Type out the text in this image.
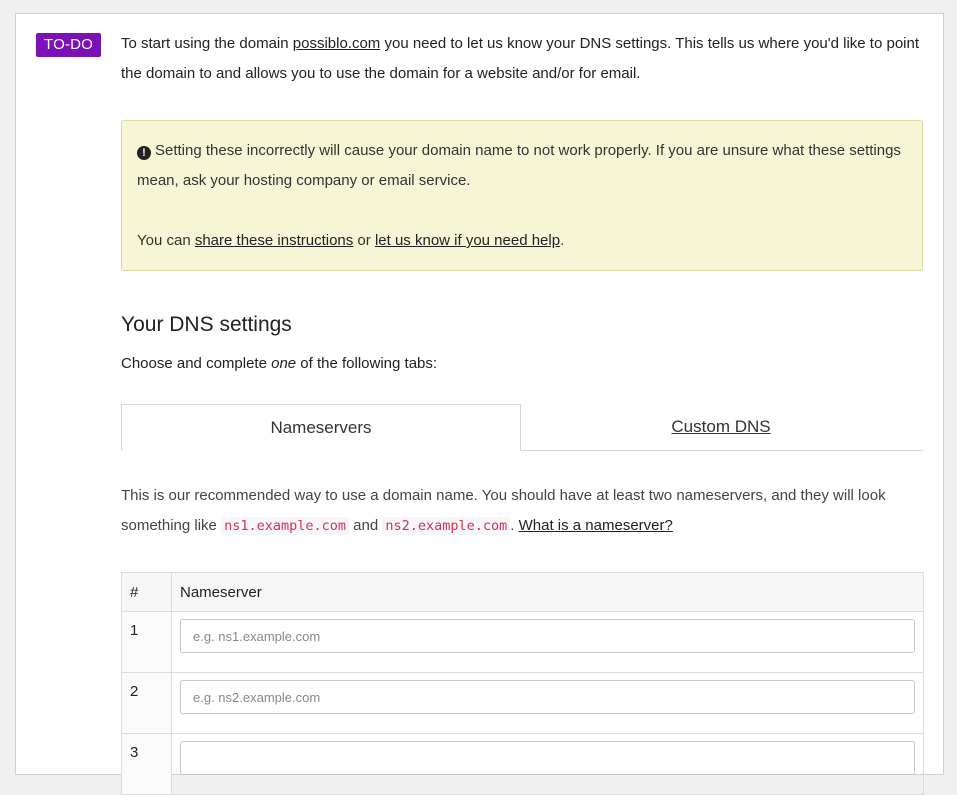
TO-DO	To start using the domain possiblo.com you need to let us know your DNS settings. This tells us where you'd like to point the domain to and allows you to use the domain for a website and/or for email.

! Setting these incorrectly will cause your domain name to not work properly. If you are unsure what these settings mean, ask your hosting company or email service.

You can share these instructions or let us know if you need help.

Your DNS settings

Choose and complete one of the following tabs:

Nameservers	Custom DNS

This is our recommended way to use a domain name. You should have at least two nameservers, and they will look something like ns1.example.com and ns2.example.com . What is a nameserver?

#	Nameserver
1	e.g. ns1.example.com
2	e.g. ns2.example.com
3	
